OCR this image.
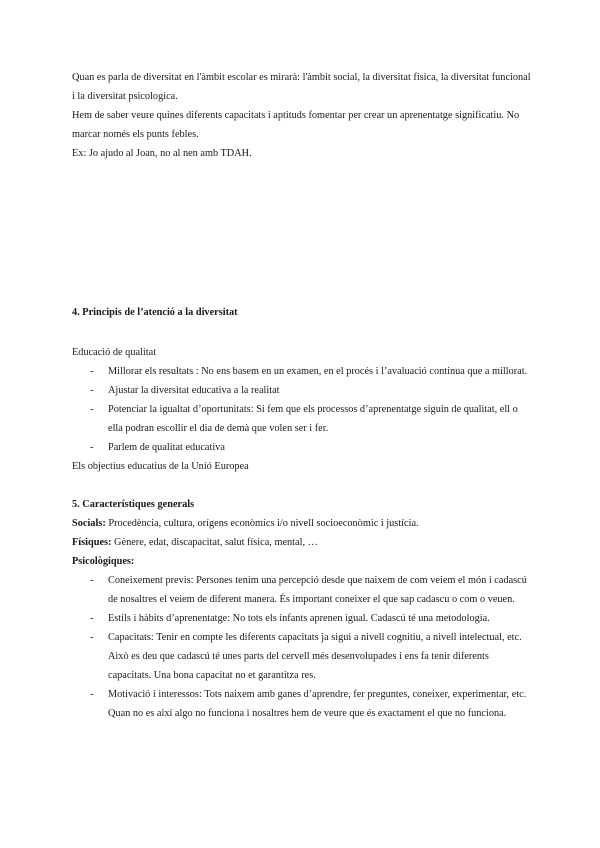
Quan es parla de diversitat en l'àmbit escolar es mirarà: l'àmbit social, la diversitat física, la diversitat funcional i la diversitat psicologica.

Hem de saber veure quines diferents capacitats i aptituds fomentar per crear un aprenentatge significatiu. No marcar només els punts febles.

Ex: Jo ajudo al Joan, no al nen amb TDAH.

4. Principis de l’atenció a la diversitat

Educació de qualitat

- Millorar els resultats : No ens basem en un examen, en el procés i l’avaluació continua que a millorat.
- Ajustar la diversitat educativa a la realitat
- Potenciar la igualtat d’oportunitats: Si fem que els processos d’aprenentatge siguin de qualitat, ell o ella podran escollir el dia de demà que volen ser i fer.
- Parlem de qualitat educativa

Els objectius educatius de la Unió Europea

5. Característiques generals

Socials: Procedència, cultura, orígens econòmics i/o nivell socioeconòmic i justícia.

Físiques: Gènere, edat, discapacitat, salut física, mental, …

Psicològiques:

- Coneixement previs: Persones tenim una percepció desde que naixem de com veiem el món i cadascú de nosaltres el veiem de diferent manera. És important coneixer el que sap cadascu o com o veuen.
- Estils i hàbits d’aprenentatge: No tots els infants aprenen igual. Cadascú té una metodologia.
- Capacitats: Tenir en compte les diferents capacitats ja sigui a nivell cognitiu, a nivell intelectual, etc. Això es deu que cadascú té unes parts del cervell més desenvolupades i ens fa tenir diferents capacitats. Una bona capacitat no et garantitza res.
- Motivació i interessos: Tots naixem amb ganes d’aprendre, fer preguntes, coneixer, experimentar, etc. Quan no es així algo no funciona i nosaltres hem de veure que és exactament el que no funciona.
